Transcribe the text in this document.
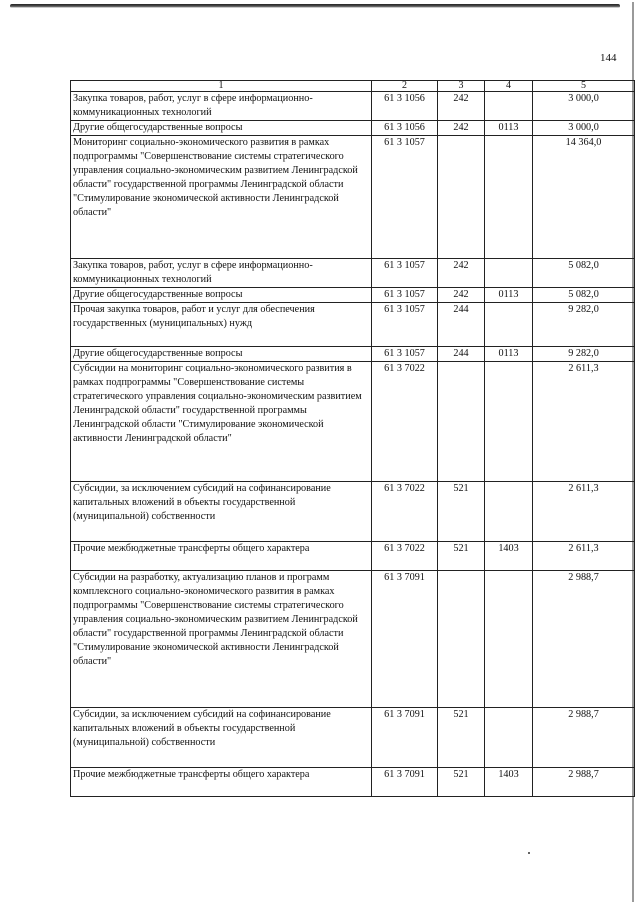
144
1	2	3	4	5
Закупка товаров, работ, услуг в сфере информационно-коммуникационных технологий	61 3 1056	242		3 000,0
Другие общегосударственные вопросы	61 3 1056	242	0113	3 000,0
Мониторинг социально-экономического развития в рамках подпрограммы "Совершенствование системы стратегического управления социально-экономическим развитием Ленинградской области" государственной программы Ленинградской области "Стимулирование экономической активности Ленинградской области"	61 3 1057			14 364,0
Закупка товаров, работ, услуг в сфере информационно-коммуникационных технологий	61 3 1057	242		5 082,0
Другие общегосударственные вопросы	61 3 1057	242	0113	5 082,0
Прочая закупка товаров, работ и услуг для обеспечения государственных (муниципальных) нужд	61 3 1057	244		9 282,0
Другие общегосударственные вопросы	61 3 1057	244	0113	9 282,0
Субсидии на мониторинг социально-экономического развития в рамках подпрограммы "Совершенствование системы стратегического управления социально-экономическим развитием Ленинградской области" государственной программы Ленинградской области "Стимулирование экономической активности Ленинградской области"	61 3 7022			2 611,3
Субсидии, за исключением субсидий на софинансирование капитальных вложений в объекты государственной (муниципальной) собственности	61 3 7022	521		2 611,3
Прочие межбюджетные трансферты общего характера	61 3 7022	521	1403	2 611,3
Субсидии на разработку, актуализацию планов и программ комплексного социально-экономического развития в рамках подпрограммы "Совершенствование системы стратегического управления социально-экономическим развитием Ленинградской области" государственной программы Ленинградской области "Стимулирование экономической активности Ленинградской области"	61 3 7091			2 988,7
Субсидии, за исключением субсидий на софинансирование капитальных вложений в объекты государственной (муниципальной) собственности	61 3 7091	521		2 988,7
Прочие межбюджетные трансферты общего характера	61 3 7091	521	1403	2 988,7
